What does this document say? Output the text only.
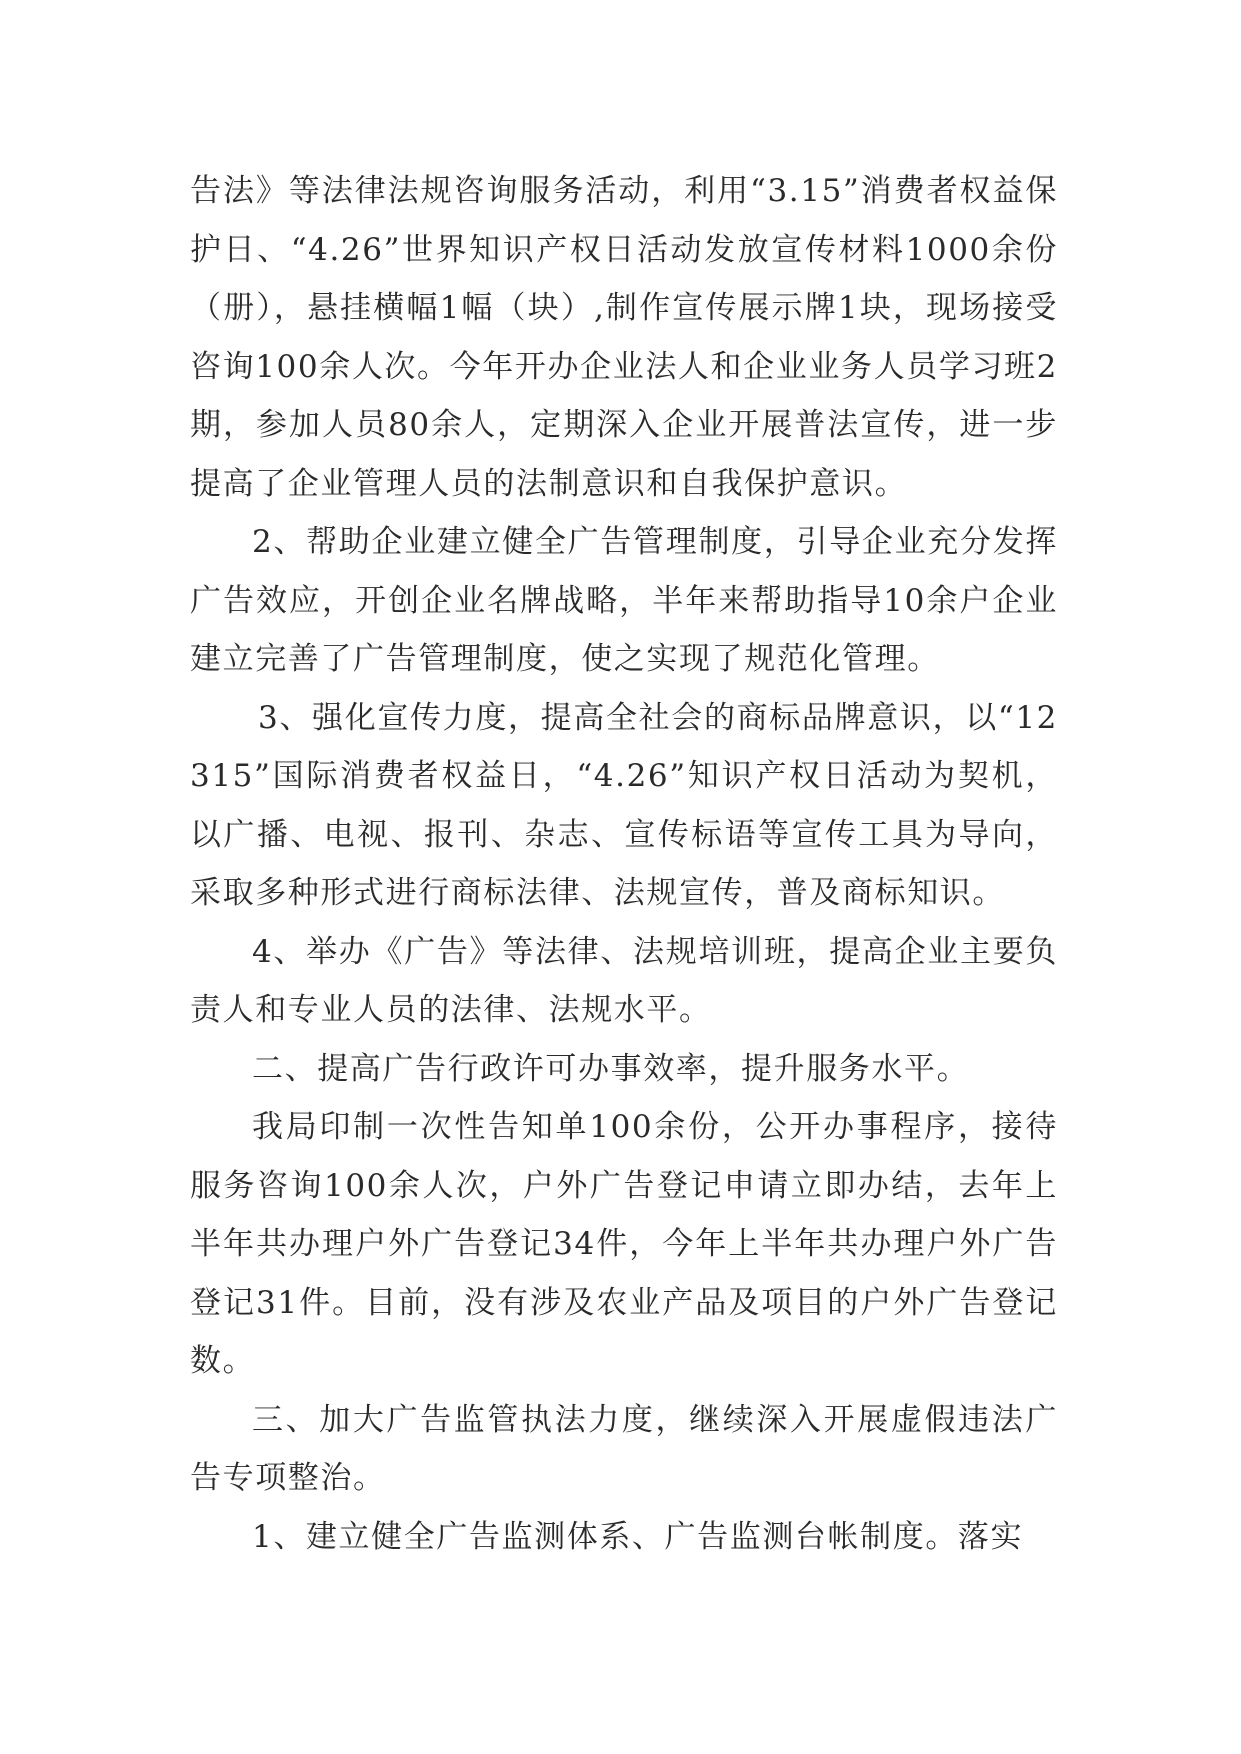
告法》等法律法规咨询服务活动，利用“3.15”消费者权益保护日、“4.26”世界知识产权日活动发放宣传材料1000余份（册），悬挂横幅1幅（块）,制作宣传展示牌1块，现场接受咨询100余人次。今年开办企业法人和企业业务人员学习班2期，参加人员80余人，定期深入企业开展普法宣传，进一步提高了企业管理人员的法制意识和自我保护意识。

2、帮助企业建立健全广告管理制度，引导企业充分发挥广告效应，开创企业名牌战略，半年来帮助指导10余户企业建立完善了广告管理制度，使之实现了规范化管理。

3、强化宣传力度，提高全社会的商标品牌意识，以“12315”国际消费者权益日，“4.26”知识产权日活动为契机，以广播、电视、报刊、杂志、宣传标语等宣传工具为导向，采取多种形式进行商标法律、法规宣传，普及商标知识。

4、举办《广告》等法律、法规培训班，提高企业主要负责人和专业人员的法律、法规水平。

二、提高广告行政许可办事效率，提升服务水平。

我局印制一次性告知单100余份，公开办事程序，接待服务咨询100余人次，户外广告登记申请立即办结，去年上半年共办理户外广告登记34件，今年上半年共办理户外广告登记31件。目前，没有涉及农业产品及项目的户外广告登记数。

三、加大广告监管执法力度，继续深入开展虚假违法广告专项整治。

1、建立健全广告监测体系、广告监测台帐制度。落实
